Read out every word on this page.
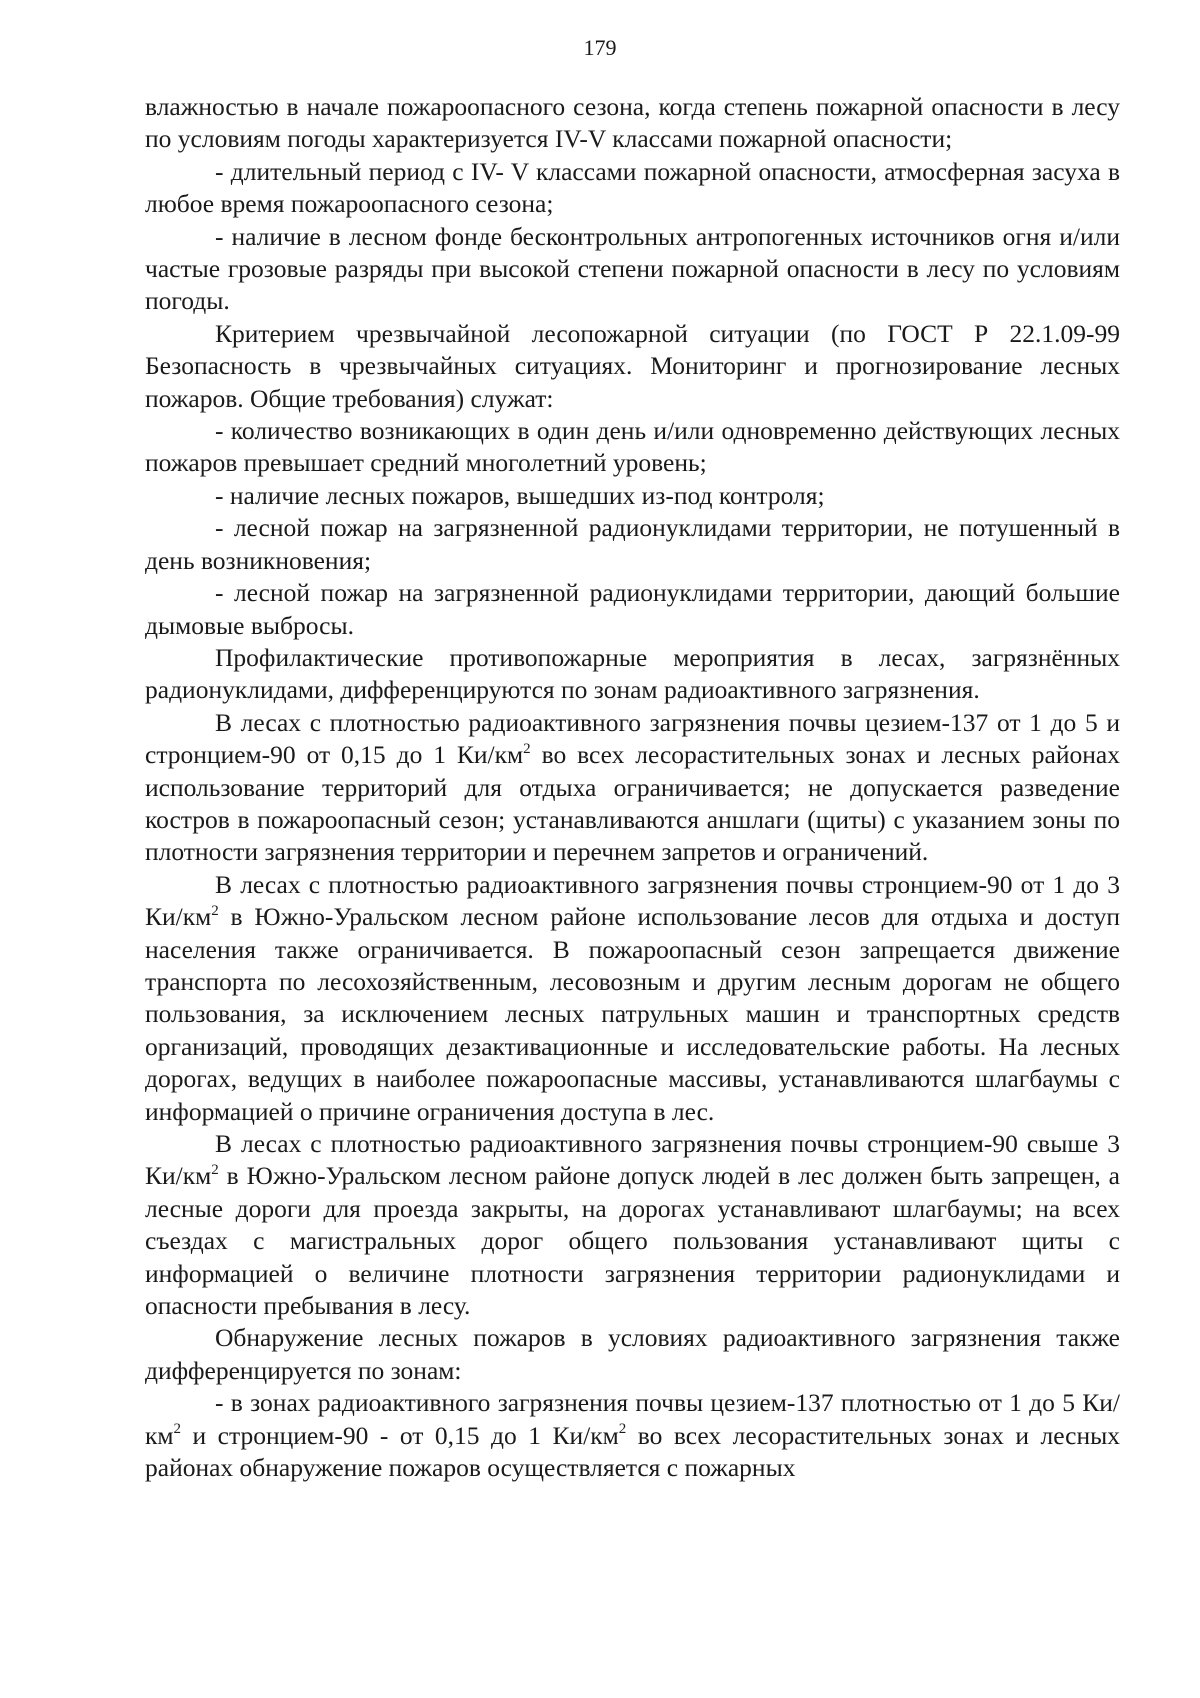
179

влажностью в начале пожароопасного сезона, когда степень пожарной опасности в лесу по условиям погоды характеризуется IV-V классами пожарной опасности;

- длительный период с IV- V классами пожарной опасности, атмосферная засуха в любое время пожароопасного сезона;

- наличие в лесном фонде бесконтрольных антропогенных источников огня и/или частые грозовые разряды при высокой степени пожарной опасности в лесу по условиям погоды.

Критерием чрезвычайной лесопожарной ситуации (по ГОСТ Р 22.1.09-99 Безопасность в чрезвычайных ситуациях. Мониторинг и прогнозирование лесных пожаров. Общие требования) служат:

- количество возникающих в один день и/или одновременно действующих лесных пожаров превышает средний многолетний уровень;

- наличие лесных пожаров, вышедших из-под контроля;

- лесной пожар на загрязненной радионуклидами территории, не потушенный в день возникновения;

- лесной пожар на загрязненной радионуклидами территории, дающий большие дымовые выбросы.

Профилактические противопожарные мероприятия в лесах, загрязнённых радионуклидами, дифференцируются по зонам радиоактивного загрязнения.

В лесах с плотностью радиоактивного загрязнения почвы цезием-137 от 1 до 5 и стронцием-90 от 0,15 до 1 $Ки/км^2$ во всех лесорастительных зонах и лесных районах использование территорий для отдыха ограничивается; не допускается разведение костров в пожароопасный сезон; устанавливаются аншлаги (щиты) с указанием зоны по плотности загрязнения территории и перечнем запретов и ограничений.

В лесах с плотностью радиоактивного загрязнения почвы стронцием-90 от 1 до 3 $Ки/км^2$ в Южно-Уральском лесном районе использование лесов для отдыха и доступ населения также ограничивается. В пожароопасный сезон запрещается движение транспорта по лесохозяйственным, лесовозным и другим лесным дорогам не общего пользования, за исключением лесных патрульных машин и транспортных средств организаций, проводящих дезактивационные и исследовательские работы. На лесных дорогах, ведущих в наиболее пожароопасные массивы, устанавливаются шлагбаумы с информацией о причине ограничения доступа в лес.

В лесах с плотностью радиоактивного загрязнения почвы стронцием-90 свыше 3 $Ки/км^2$ в Южно-Уральском лесном районе допуск людей в лес должен быть запрещен, а лесные дороги для проезда закрыты, на дорогах устанавливают шлагбаумы; на всех съездах с магистральных дорог общего пользования устанавливают щиты с информацией о величине плотности загрязнения территории радионуклидами и опасности пребывания в лесу.

Обнаружение лесных пожаров в условиях радиоактивного загрязнения также дифференцируется по зонам:

- в зонах радиоактивного загрязнения почвы цезием-137 плотностью от 1 до 5 $Ки/км^2$ и стронцием-90 - от 0,15 до 1 $Ки/км^2$ во всех лесорастительных зонах и лесных районах обнаружение пожаров осуществляется с пожарных
